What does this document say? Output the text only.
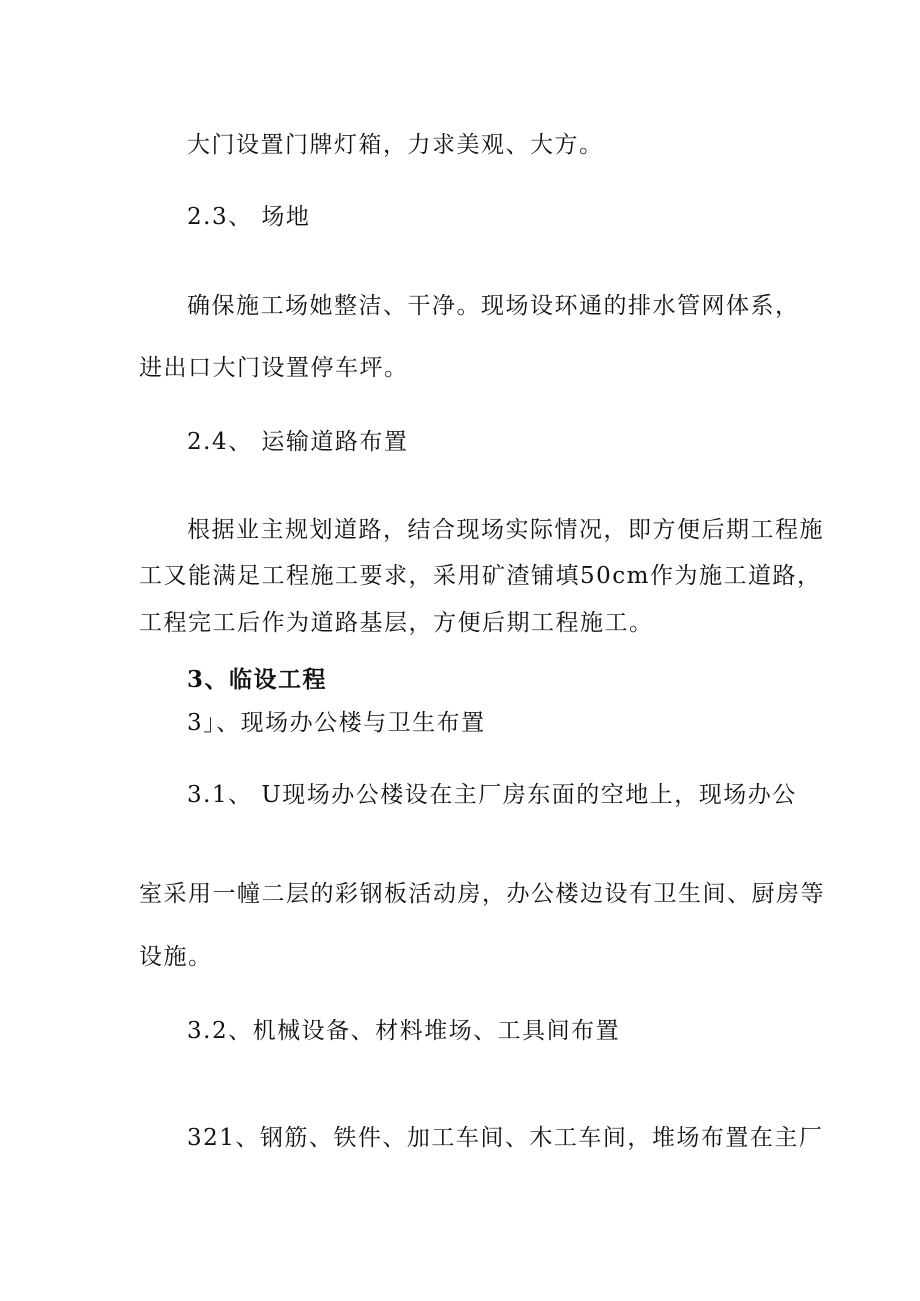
大门设置门牌灯箱，力求美观、大方。
2.3、 场地
确保施工场她整洁、干净。现场设环通的排水管网体系，
进出口大门设置停车坪。
2.4、 运输道路布置
根据业主规划道路，结合现场实际情况，即方便后期工程施
工又能满足工程施工要求，采用矿渣铺填50cm作为施工道路，
工程完工后作为道路基层，方便后期工程施工。
3、临设工程
3」、现场办公楼与卫生布置
3.1、 U现场办公楼设在主厂房东面的空地上，现场办公
室采用一幢二层的彩钢板活动房，办公楼边设有卫生间、厨房等
设施。
3.2、机械设备、材料堆场、工具间布置
321、钢筋、铁件、加工车间、木工车间，堆场布置在主厂
